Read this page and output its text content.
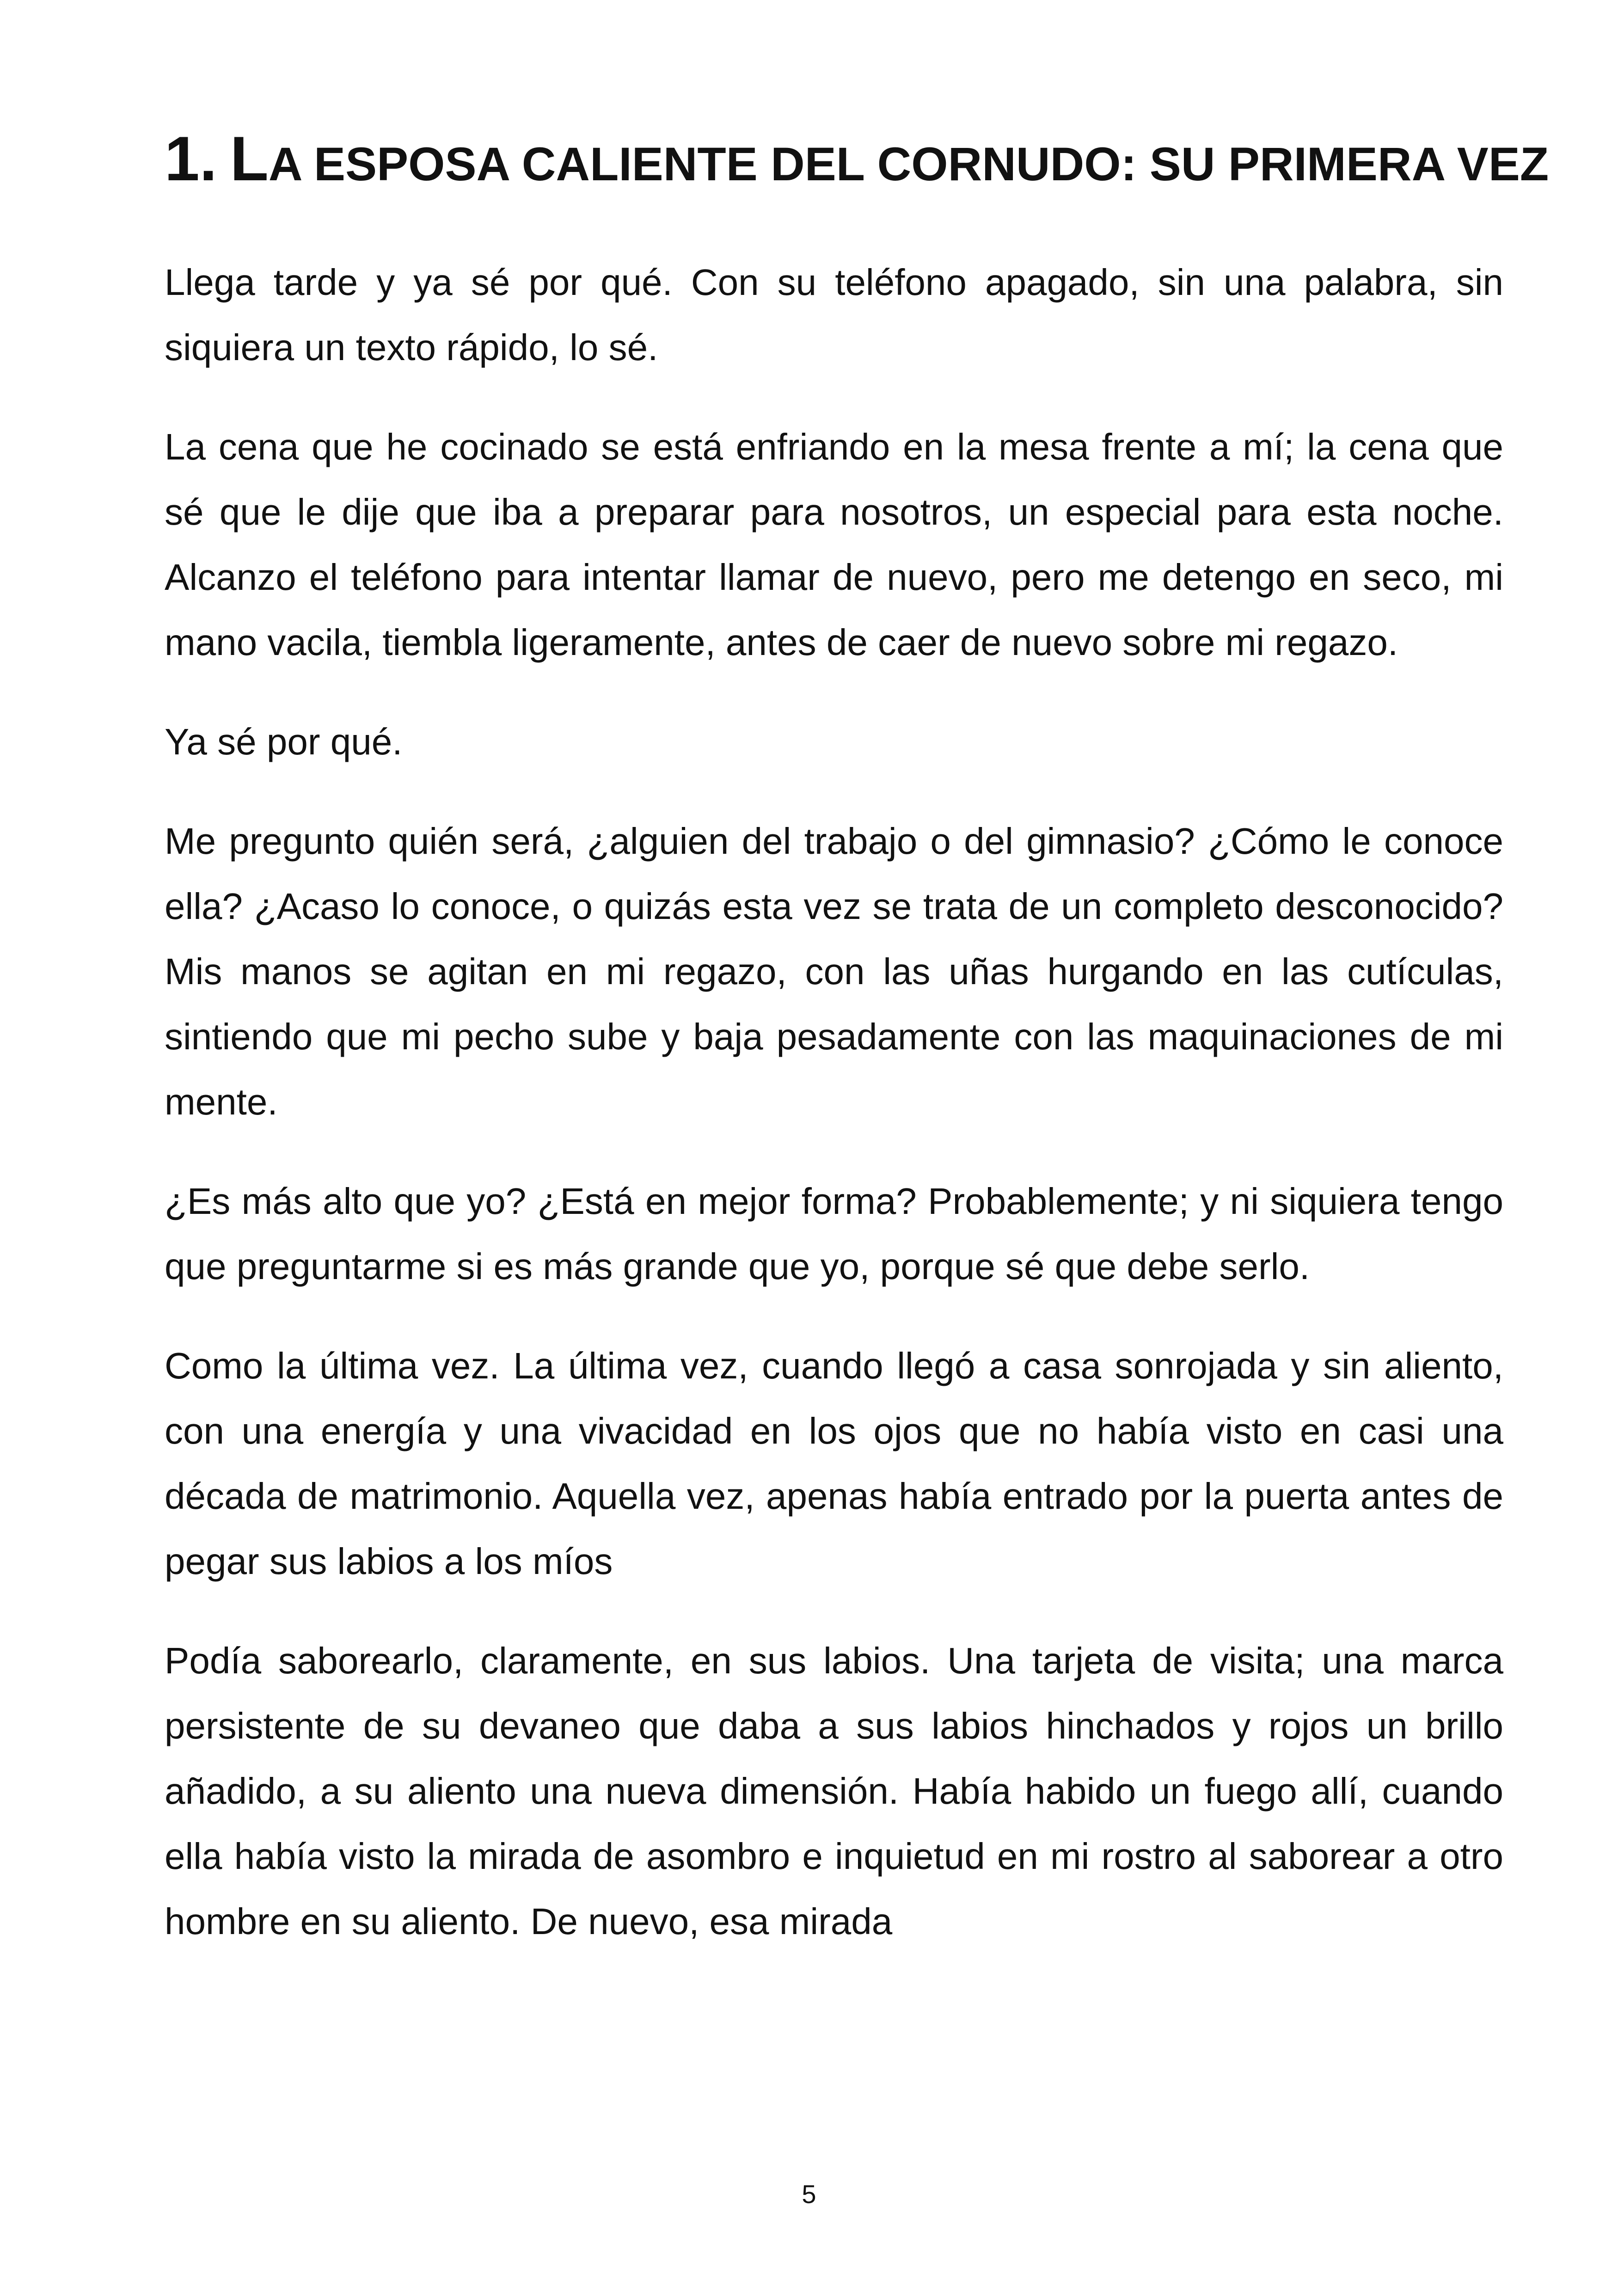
1. LA ESPOSA CALIENTE DEL CORNUDO: SU PRIMERA VEZ

Llega tarde y ya sé por qué. Con su teléfono apagado, sin una palabra, sin siquiera un texto rápido, lo sé.

La cena que he cocinado se está enfriando en la mesa frente a mí; la cena que sé que le dije que iba a preparar para nosotros, un especial para esta noche. Alcanzo el teléfono para intentar llamar de nuevo, pero me detengo en seco, mi mano vacila, tiembla ligeramente, antes de caer de nuevo sobre mi regazo.

Ya sé por qué.

Me pregunto quién será, ¿alguien del trabajo o del gimnasio? ¿Cómo le conoce ella? ¿Acaso lo conoce, o quizás esta vez se trata de un completo desconocido? Mis manos se agitan en mi regazo, con las uñas hurgando en las cutículas, sintiendo que mi pecho sube y baja pesadamente con las maquinaciones de mi mente.

¿Es más alto que yo? ¿Está en mejor forma? Probablemente; y ni siquiera tengo que preguntarme si es más grande que yo, porque sé que debe serlo.

Como la última vez. La última vez, cuando llegó a casa sonrojada y sin aliento, con una energía y una vivacidad en los ojos que no había visto en casi una década de matrimonio. Aquella vez, apenas había entrado por la puerta antes de pegar sus labios a los míos

Podía saborearlo, claramente, en sus labios. Una tarjeta de visita; una marca persistente de su devaneo que daba a sus labios hinchados y rojos un brillo añadido, a su aliento una nueva dimensión. Había habido un fuego allí, cuando ella había visto la mirada de asombro e inquietud en mi rostro al saborear a otro hombre en su aliento. De nuevo, esa mirada

5
